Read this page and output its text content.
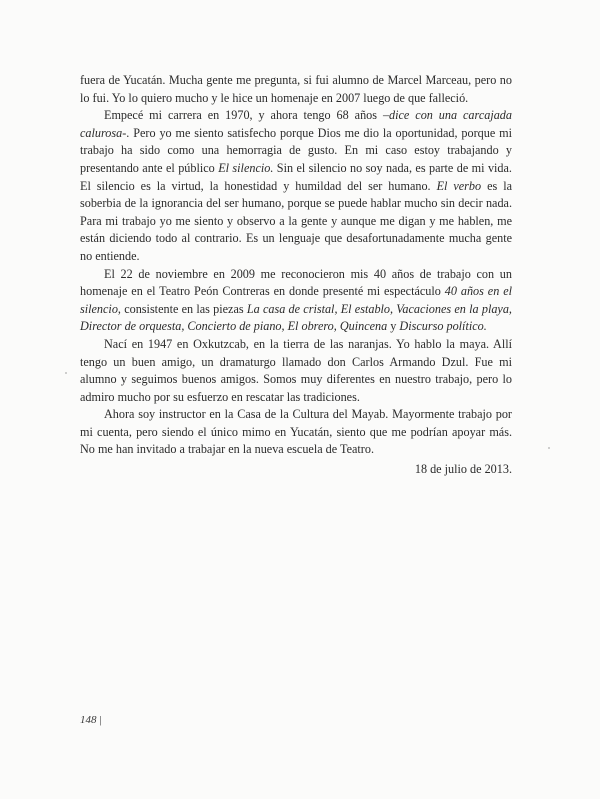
fuera de Yucatán. Mucha gente me pregunta, si fui alumno de Marcel Marceau, pero no lo fui. Yo lo quiero mucho y le hice un homenaje en 2007 luego de que falleció.

Empecé mi carrera en 1970, y ahora tengo 68 años –dice con una carcajada calurosa-. Pero yo me siento satisfecho porque Dios me dio la oportunidad, porque mi trabajo ha sido como una hemorragia de gusto. En mi caso estoy trabajando y presentando ante el público El silencio. Sin el silencio no soy nada, es parte de mi vida. El silencio es la virtud, la honestidad y humildad del ser humano. El verbo es la soberbia de la ignorancia del ser humano, porque se puede hablar mucho sin decir nada. Para mi trabajo yo me siento y observo a la gente y aunque me digan y me hablen, me están diciendo todo al contrario. Es un lenguaje que desafortunadamente mucha gente no entiende.

El 22 de noviembre en 2009 me reconocieron mis 40 años de trabajo con un homenaje en el Teatro Peón Contreras en donde presenté mi espectáculo 40 años en el silencio, consistente en las piezas La casa de cristal, El establo, Vacaciones en la playa, Director de orquesta, Concierto de piano, El obrero, Quincena y Discurso político.

Nací en 1947 en Oxkutzcab, en la tierra de las naranjas. Yo hablo la maya. Allí tengo un buen amigo, un dramaturgo llamado don Carlos Armando Dzul. Fue mi alumno y seguimos buenos amigos. Somos muy diferentes en nuestro trabajo, pero lo admiro mucho por su esfuerzo en rescatar las tradiciones.

Ahora soy instructor en la Casa de la Cultura del Mayab. Mayormente trabajo por mi cuenta, pero siendo el único mimo en Yucatán, siento que me podrían apoyar más. No me han invitado a trabajar en la nueva escuela de Teatro.

18 de julio de 2013.

148 |
